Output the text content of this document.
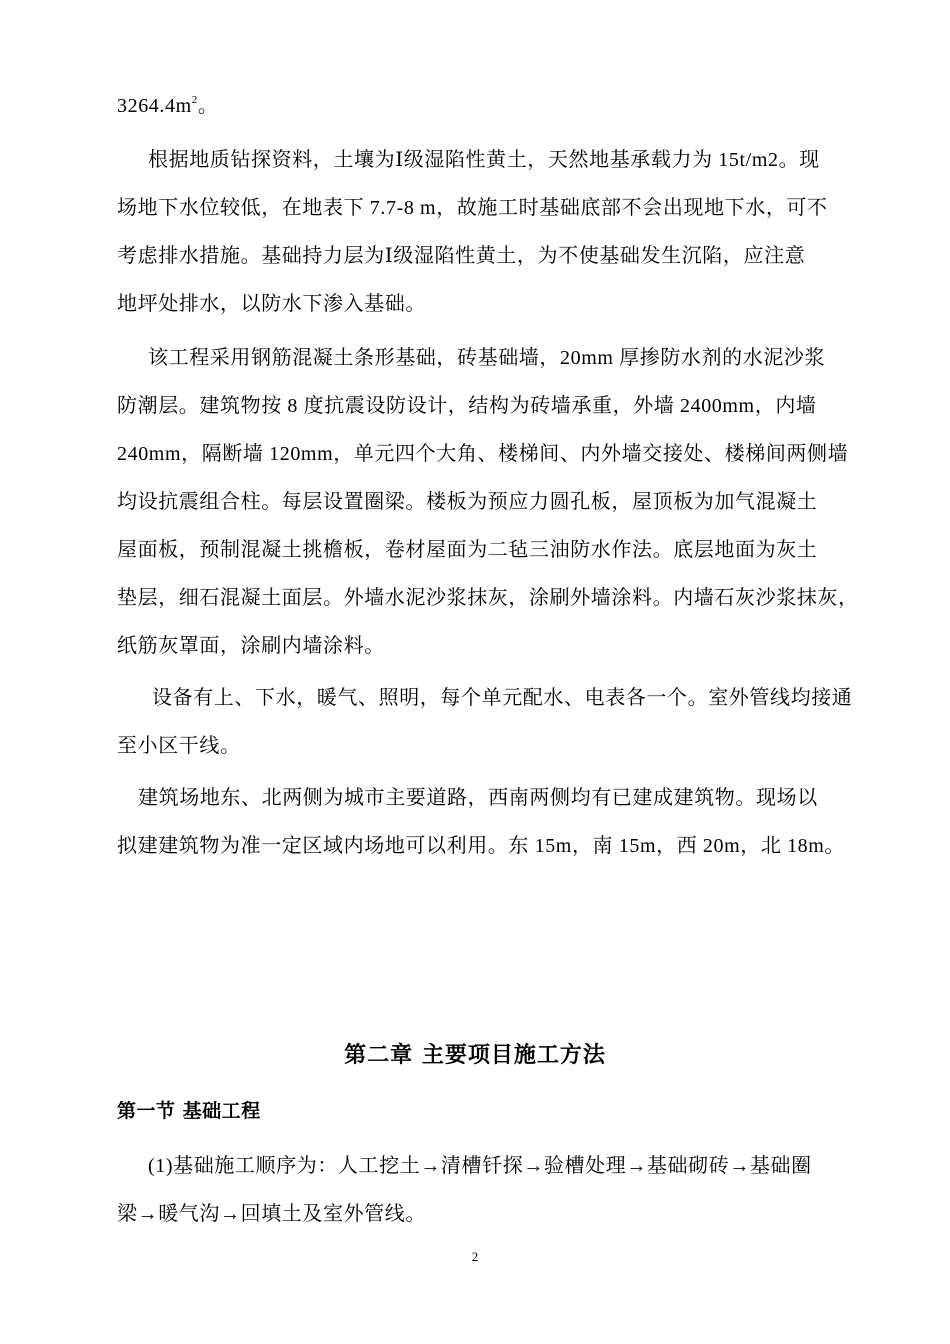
$3264.4m^2$。
根据地质钻探资料，土壤为Ⅰ级湿陷性黄土，天然地基承载力为 15t/m2。现
场地下水位较低，在地表下 7.7-8 m，故施工时基础底部不会出现地下水，可不
考虑排水措施。基础持力层为Ⅰ级湿陷性黄土，为不使基础发生沉陷，应注意
地坪处排水，以防水下渗入基础。
该工程采用钢筋混凝土条形基础，砖基础墙，20mm 厚掺防水剂的水泥沙浆
防潮层。建筑物按 8 度抗震设防设计，结构为砖墙承重，外墙 2400mm，内墙
240mm，隔断墙 120mm，单元四个大角、楼梯间、内外墙交接处、楼梯间两侧墙
均设抗震组合柱。每层设置圈梁。楼板为预应力圆孔板，屋顶板为加气混凝土
屋面板，预制混凝土挑檐板，卷材屋面为二毡三油防水作法。底层地面为灰土
垫层，细石混凝土面层。外墙水泥沙浆抹灰，涂刷外墙涂料。内墙石灰沙浆抹灰，
纸筋灰罩面，涂刷内墙涂料。
设备有上、下水，暖气、照明，每个单元配水、电表各一个。室外管线均接通
至小区干线。
建筑场地东、北两侧为城市主要道路，西南两侧均有已建成建筑物。现场以
拟建建筑物为准一定区域内场地可以利用。东 15m，南 15m，西 20m，北 18m。
第二章 主要项目施工方法
第一节 基础工程
(1)基础施工顺序为：人工挖土→清槽钎探→验槽处理→基础砌砖→基础圈
梁→暖气沟→回填土及室外管线。
2
